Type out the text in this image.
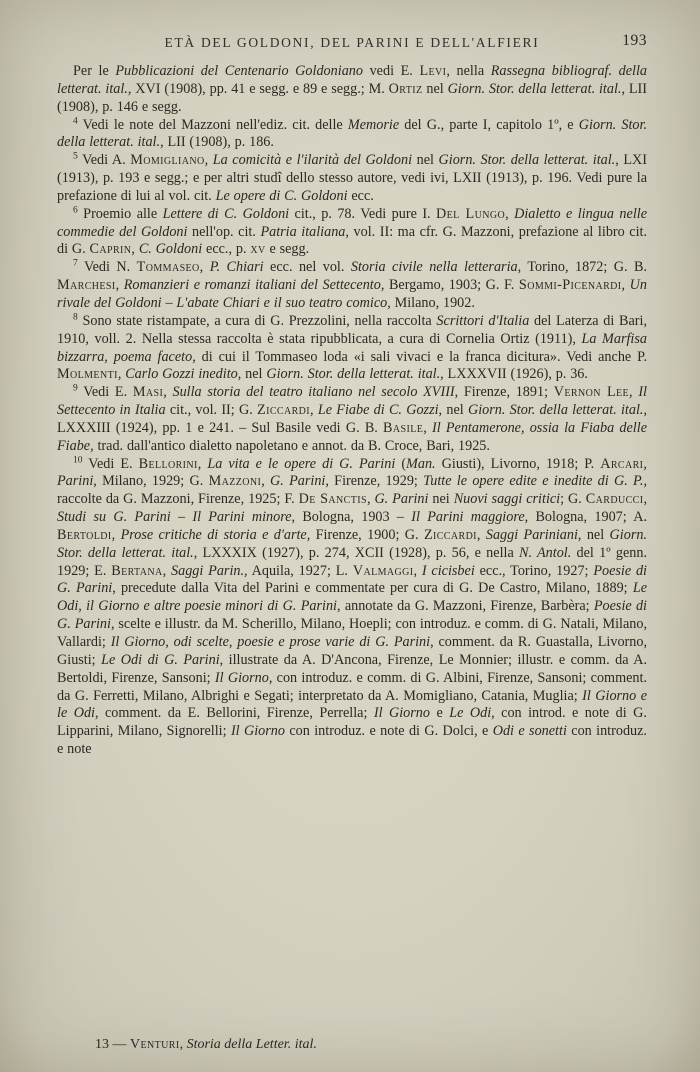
ETÀ DEL GOLDONI, DEL PARINI E DELL'ALFIERI	193

Per le Pubblicazioni del Centenario Goldoniano vedi E. Levi, nella Rassegna bibliograf. della letterat. ital., XVI (1908), pp. 41 e segg. e 89 e segg.; M. Ortiz nel Giorn. Stor. della letterat. ital., LII (1908), p. 146 e segg.

$^4$ Vedi le note del Mazzoni nell'ediz. cit. delle Memorie del G., parte I, capitolo 1º, e Giorn. Stor. della letterat. ital., LII (1908), p. 186.

$^5$ Vedi A. Momigliano, La comicità e l'ilarità del Goldoni nel Giorn. Stor. della letterat. ital., LXI (1913), p. 193 e segg.; e per altri studî dello stesso autore, vedi ivi, LXII (1913), p. 196. Vedi pure la prefazione di lui al vol. cit. Le opere di C. Goldoni ecc.

$^6$ Proemio alle Lettere di C. Goldoni cit., p. 78. Vedi pure I. Del Lungo, Dialetto e lingua nelle commedie del Goldoni nell'op. cit. Patria italiana, vol. II: ma cfr. G. Mazzoni, prefazione al libro cit. di G. Caprin, C. Goldoni ecc., p. xv e segg.

$^7$ Vedi N. Tommaseo, P. Chiari ecc. nel vol. Storia civile nella letteraria, Torino, 1872; G. B. Marchesi, Romanzieri e romanzi italiani del Settecento, Bergamo, 1903; G. F. Sommi-Picenardi, Un rivale del Goldoni – L'abate Chiari e il suo teatro comico, Milano, 1902.

$^8$ Sono state ristampate, a cura di G. Prezzolini, nella raccolta Scrittori d'Italia del Laterza di Bari, 1910, voll. 2. Nella stessa raccolta è stata ripubblicata, a cura di Cornelia Ortiz (1911), La Marfisa bizzarra, poema faceto, di cui il Tommaseo loda «i sali vivaci e la franca dicitura». Vedi anche P. Molmenti, Carlo Gozzi inedito, nel Giorn. Stor. della letterat. ital., LXXXVII (1926), p. 36.

$^9$ Vedi E. Masi, Sulla storia del teatro italiano nel secolo XVIII, Firenze, 1891; Vernon Lee, Il Settecento in Italia cit., vol. II; G. Ziccardi, Le Fiabe di C. Gozzi, nel Giorn. Stor. della letterat. ital., LXXXIII (1924), pp. 1 e 241. – Sul Basile vedi G. B. Basile, Il Pentamerone, ossia la Fiaba delle Fiabe, trad. dall'antico dialetto napoletano e annot. da B. Croce, Bari, 1925.

$^{10}$ Vedi E. Bellorini, La vita e le opere di G. Parini (Man. Giusti), Livorno, 1918; P. Arcari, Parini, Milano, 1929; G. Mazzoni, G. Parini, Firenze, 1929; Tutte le opere edite e inedite di G. P., raccolte da G. Mazzoni, Firenze, 1925; F. De Sanctis, G. Parini nei Nuovi saggi critici; G. Carducci, Studi su G. Parini – Il Parini minore, Bologna, 1903 – Il Parini maggiore, Bologna, 1907; A. Bertoldi, Prose critiche di storia e d'arte, Firenze, 1900; G. Ziccardi, Saggi Pariniani, nel Giorn. Stor. della letterat. ital., LXXXIX (1927), p. 274, XCII (1928), p. 56, e nella N. Antol. del 1º genn. 1929; E. Bertana, Saggi Parin., Aquila, 1927; L. Valmaggi, I cicisbei ecc., Torino, 1927; Poesie di G. Parini, precedute dalla Vita del Parini e commentate per cura di G. De Castro, Milano, 1889; Le Odi, il Giorno e altre poesie minori di G. Parini, annotate da G. Mazzoni, Firenze, Barbèra; Poesie di G. Parini, scelte e illustr. da M. Scherillo, Milano, Hoepli; con introduz. e comm. di G. Natali, Milano, Vallardi; Il Giorno, odi scelte, poesie e prose varie di G. Parini, comment. da R. Guastalla, Livorno, Giusti; Le Odi di G. Parini, illustrate da A. D'Ancona, Firenze, Le Monnier; illustr. e comm. da A. Bertoldi, Firenze, Sansoni; Il Giorno, con introduz. e comm. di G. Albini, Firenze, Sansoni; comment. da G. Ferretti, Milano, Albrighi e Segati; interpretato da A. Momigliano, Catania, Muglia; Il Giorno e le Odi, comment. da E. Bellorini, Firenze, Perrella; Il Giorno e Le Odi, con introd. e note di G. Lipparini, Milano, Signorelli; Il Giorno con introduz. e note di G. Dolci, e Odi e sonetti con introduz. e note

13 — Venturi, Storia della Letter. ital.
